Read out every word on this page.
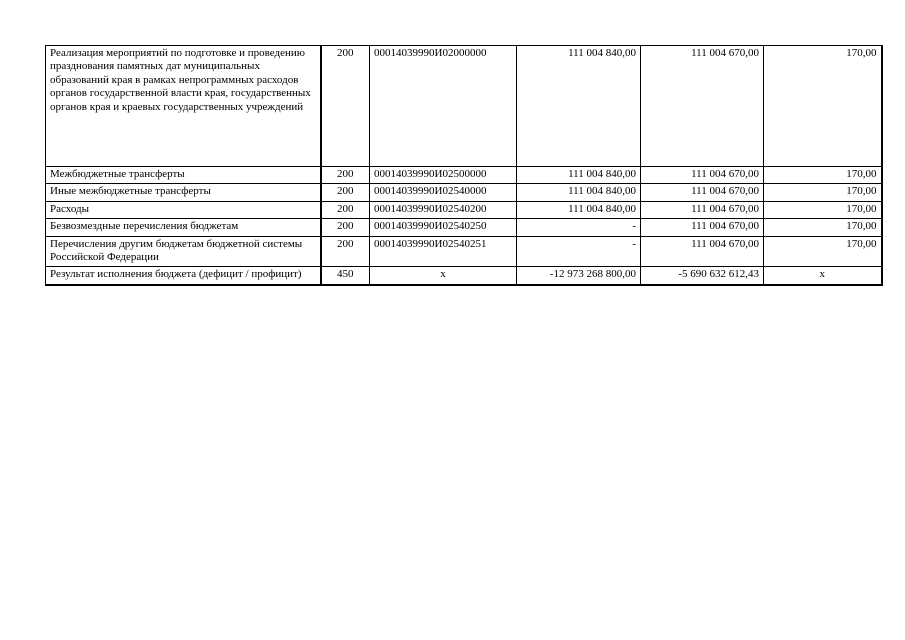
Реализация мероприятий по подготовке и проведению празднования памятных дат муниципальных образований края в рамках непрограммных расходов органов государственной власти края, государственных органов края и краевых государственных учреждений	200	00014039990И02000000	111 004 840,00	111 004 670,00	170,00
Межбюджетные трансферты	200	00014039990И02500000	111 004 840,00	111 004 670,00	170,00
Иные межбюджетные трансферты	200	00014039990И02540000	111 004 840,00	111 004 670,00	170,00
Расходы	200	00014039990И02540200	111 004 840,00	111 004 670,00	170,00
Безвозмездные перечисления бюджетам	200	00014039990И02540250	-	111 004 670,00	170,00
Перечисления другим бюджетам бюджетной системы Российской Федерации	200	00014039990И02540251	-	111 004 670,00	170,00
Результат исполнения бюджета (дефицит / профицит)	450	x	-12 973 268 800,00	-5 690 632 612,43	x
